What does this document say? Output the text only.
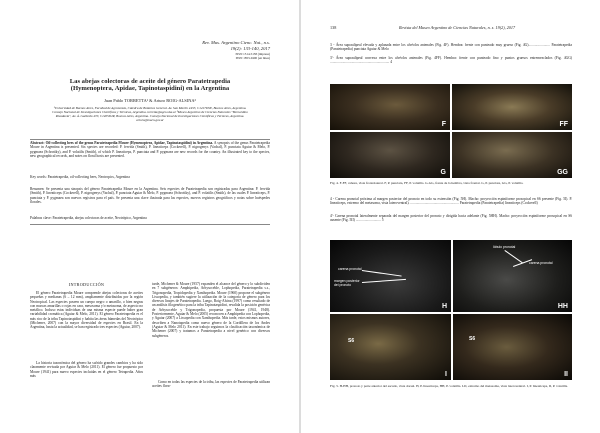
Rev. Mus. Argentino Cienc. Nat., n.s.
19(2): 133-140, 2017
ISSN 1514-5158 (impresa)
ISSN 1853-0400 (en línea)
Las abejas colectoras de aceite del género Paratetrapedia
(Hymenoptera, Apidae, Tapinotaspidini) en la Argentina
Juan Pablo TORRETTA¹ & Arturo ROIG-ALSINA²
¹Universidad de Buenos Aires, Facultad de Agronomía, Cátedra de Botánica General. Av. San Martín 4453, C1417DSE, Buenos Aires, Argentina. Consejo Nacional de Investigaciones Científicas y Técnicas, Argentina. torretta@agro.uba.ar ²Museo Argentino de Ciencias Naturales "Bernardino Rivadavia", Av. Á. Gallardo 470, C1405DJR, Buenos Aires, Argentina. Consejo Nacional de Investigaciones Científicas y Técnicas, Argentina. arturo@macn.gov.ar
Abstract: Oil-collecting bees of the genus Paratetrapedia Moure (Hymenoptera, Apidae, Tapinotaspidini) in Argentina. A synopsis of the genus Paratetrapedia Moure in Argentina is presented. Six species are recorded: P. fervida (Smith), P. lineaticeps (Cockerell), P. nigrogenys (Vachal), P. punctata Aguiar & Melo, P. pygmaea (Schrottky), and P. volatilis (Smith), of which P. lineaticeps, P. punctata and P. pygmaea are new records for the country. An illustrated key to the species, new geographical records, and notes on floral hosts are presented.
Key words: Paratetrapedia, oil-collecting bees, Neotropics, Argentina
Resumen: Se presenta una sinopsis del género Paratetrapedia Moure en la Argentina. Seis especies de Paratetrapedia son registradas para Argentina: P. fervida (Smith), P. lineaticeps (Cockerell), P. nigrogenys (Vachal), P. punctata Aguiar & Melo, P. pygmaea (Schrottky), and P. volatilis (Smith), de las cuales P. lineaticeps, P. punctata y P. pygmaea son nuevos registros para el país. Se presenta una clave ilustrada para las especies, nuevos registros geográficos y notas sobre huéspedes florales.
Palabras clave: Paratetrapedia, abejas colectoras de aceite, Neotrópico, Argentina
INTRODUCCIÓN
El género Paratetrapedia Moure comprende abejas colectoras de aceites pequeñas y medianas (6 – 12 mm), ampliamente distribuidas por la región Neotropical. Las especies poseen un cuerpo negro o amarillo, o bien negras con marcas amarillas o rojas en cara, mesosoma y/o metasoma, de aspecto no metálico. Incluso estas individuas de una misma especie puede haber gran variabilidad cromática (Aguiar & Melo, 2011). El género Paratetrapedia es el más rico de la tribu Tapinotaspidini y habita las áreas húmedas del Neotrópico (Michener, 2007) con la mayor diversidad de especies en Brasil. En la Argentina, hasta la actualidad, se han registrado tres especies (Aguiar, 2007).
La historia taxonómica del género ha sufrido grandes cambios y ha sido claramente revisada por Aguiar & Melo (2011). El género fue propuesto por Moure (1941) para nuevo especies incluidas en el género Tetrapedia. Años más
tarde, Michener & Moure (1957) expanden el alcance del género y lo subdividen en 7 subgéneros: Amphipedia, Arhysoceble, Lophopedia, Paratetrapedia s.s., Trigonopedia, Tropidopedia y Xanthopedia. Moure (1960) propone el subgénero Lissopedia, y también sugiere la utilización de la categoría de género para los diversos linajes de Paratetrapedia. Luego, Roig-Alsina (1997) como resultado de un análisis filogenético para la tribu Tapinotaspidini, revalida la posición genérica de Arhysoceble y Trigonopedia, propuesta por Moure (1941, 1948). Posteriormente, Aguiar & Melo (2005) reconocen a Amphipedia con Lophopedia, y Aguiar (2007) a Lissopedia con Xanthopedia. Más tarde, estos mismos autores, describen a Nanotapedia como nuevo género de la Cordillera de los Andes (Aguiar & Melo 2011). En este trabajo seguimos la clasificación taxonómica de Michener (2007) y tratamos a Paratetrapedia a nivel genérico con diversos subgéneros.
Como en todas las especies de la tribu, las especies de Paratetrapedia utilizan aceites flora-
138	Revista del Museo Argentino de Ciencias Naturales, n. s. 19(2), 2017
3 - Área supraalipeal elevada y aplanada entre los alvéolos antenales (Fig. 4F). Hembra: frente con punteado muy grueso (Fig. 4G)........................ Paratetrapedia (Paratetrapedia) punctata Aguiar & Melo
3'- Área supraalipeal convexa entre los alvéolos antenales (Fig. 4FF). Hembra: frente con punteado fino y puntos gruesos entremezclados (Fig. 4GG) .................................................................. 4
F	FF
G	GG
Fig. 4. F-FF, cabeza, vista frontolateral. F, P. punctata, FF, P. volatilis. G-GG, frente de la hembra, vista frontal. G, P. punctata, GG, P. volatilis.
4 - Carena pronotal próxima al margen posterior del pronoto en todo su extensión (Fig. 5H). Macho: proyección espiniforme prosopical en S6 presente (Fig. 5I). P. lineaticeps, extremo del metasoma, vista lateroventral). ...................................................... Paratetrapedia (Paratetrapedia) lineaticeps (Cockerell)
4'- Carena pronotal lateralmente separada del margen posterior del pronoto y dirigida hacia adelante (Fig. 5HH). Macho: proyección espiniforme prosopical en S6 ausente (Fig. 5II) ............................ 5
carena pronotal
margen posterior del pronoto
H
lóbulo pronotal
carena pronotal
HH
S6
I
S6
II
Fig. 5. H-HH, pronoto y parte anterior del escudo, vista dorsal. H, P. lineaticeps, HH, P. volatilis. I-II, extremo del metasoma, vista lateroventral. I, P. lineaticeps, II, P. volatilis.
